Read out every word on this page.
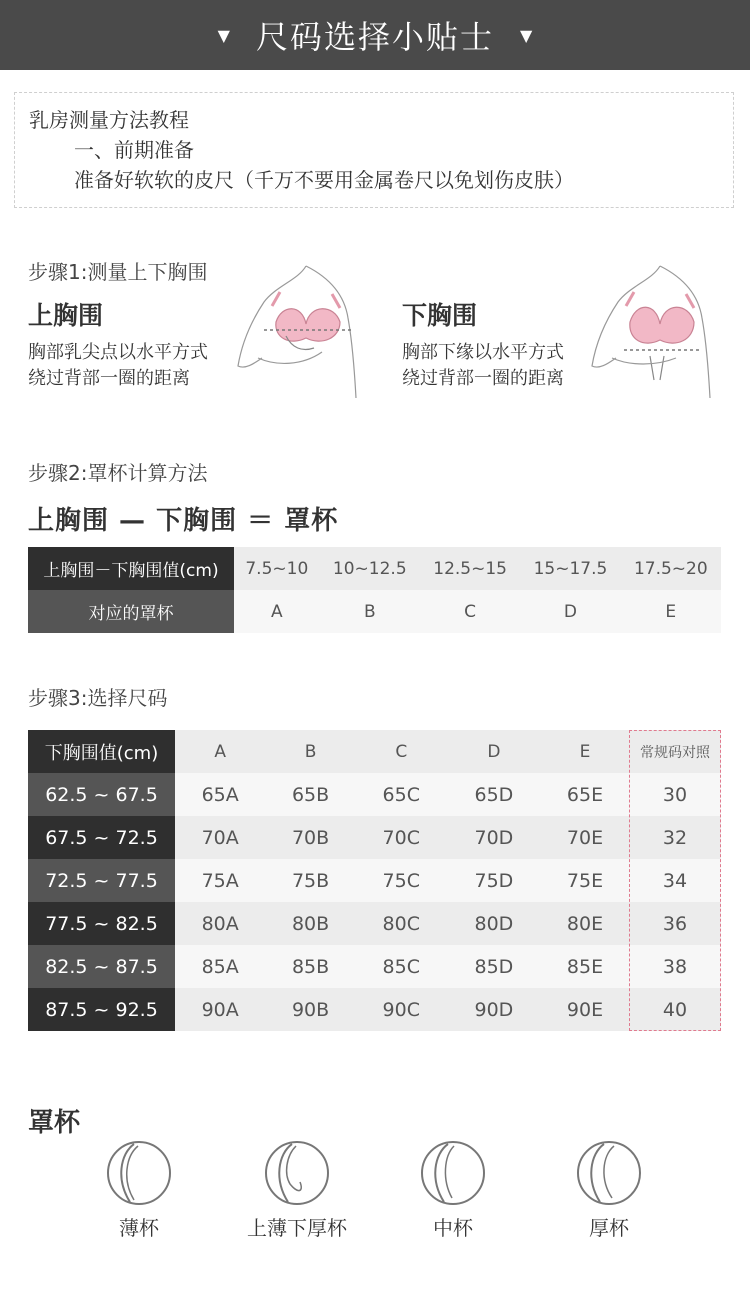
▼ 尺码选择小贴士 ▼
乳房测量方法教程
一、前期准备
准备好软软的皮尺（千万不要用金属卷尺以免划伤皮肤）
步骤1:测量上下胸围
上胸围
胸部乳尖点以水平方式
绕过背部一圈的距离
下胸围
胸部下缘以水平方式
绕过背部一圈的距离
步骤2:罩杯计算方法
上胸围 — 下胸围 ＝ 罩杯
上胸围－下胸围值(cm)	7.5~10	10~12.5	12.5~15	15~17.5	17.5~20
对应的罩杯	A	B	C	D	E
步骤3:选择尺码
下胸围值(cm)	A	B	C	D	E	常规码对照
62.5 ~ 67.5	65A	65B	65C	65D	65E	30
67.5 ~ 72.5	70A	70B	70C	70D	70E	32
72.5 ~ 77.5	75A	75B	75C	75D	75E	34
77.5 ~ 82.5	80A	80B	80C	80D	80E	36
82.5 ~ 87.5	85A	85B	85C	85D	85E	38
87.5 ~ 92.5	90A	90B	90C	90D	90E	40
罩杯
薄杯	上薄下厚杯	中杯	厚杯
